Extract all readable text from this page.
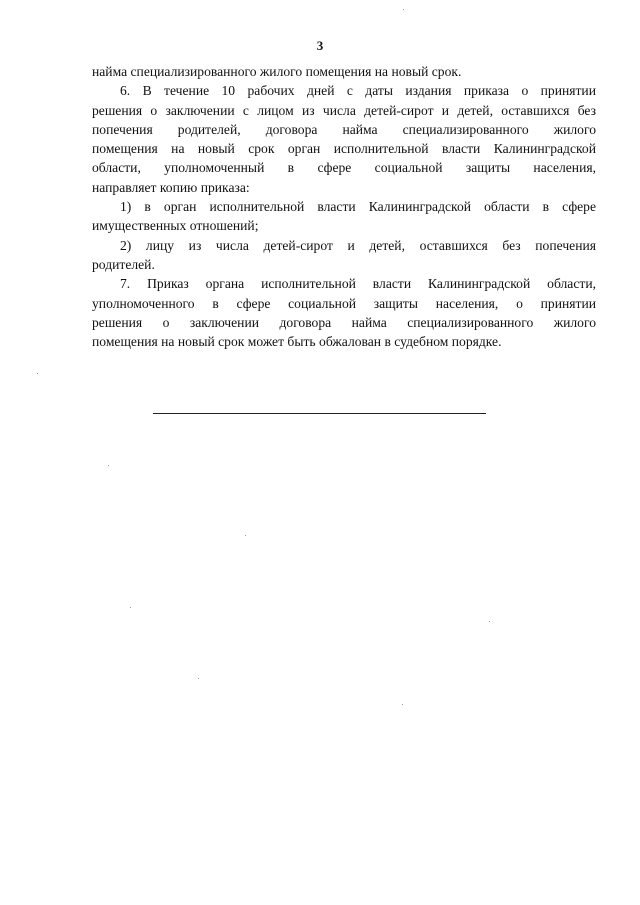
3
найма специализированного жилого помещения на новый срок.
6. В течение 10 рабочих дней с даты издания приказа о принятии
решения о заключении с лицом из числа детей-сирот и детей, оставшихся без
попечения родителей, договора найма специализированного жилого
помещения на новый срок орган исполнительной власти Калининградской
области, уполномоченный в сфере социальной защиты населения,
направляет копию приказа:
1) в орган исполнительной власти Калининградской области в сфере
имущественных отношений;
2) лицу из числа детей-сирот и детей, оставшихся без попечения
родителей.
7. Приказ органа исполнительной власти Калининградской области,
уполномоченного в сфере социальной защиты населения, о принятии
решения о заключении договора найма специализированного жилого
помещения на новый срок может быть обжалован в судебном порядке.
